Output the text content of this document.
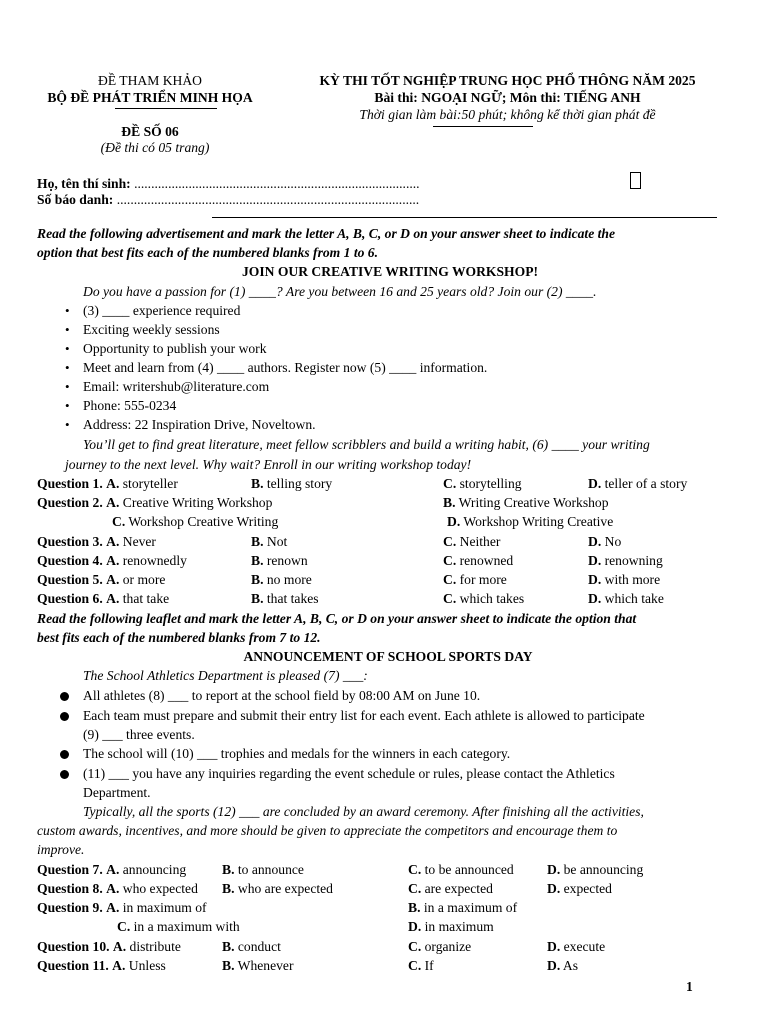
ĐỀ THAM KHẢO
BỘ ĐỀ PHÁT TRIỂN MINH HỌA
ĐỀ SỐ 06
(Đề thi có 05 trang)
KỲ THI TỐT NGHIỆP TRUNG HỌC PHỔ THÔNG NĂM 2025
Bài thi: NGOẠI NGỮ; Môn thi: TIẾNG ANH
Thời gian làm bài:50 phút; không kể thời gian phát đề
Họ, tên thí sinh: ....................................................................................
Số báo danh: .........................................................................................
Read the following advertisement and mark the letter A, B, C, or D on your answer sheet to indicate the
option that best fits each of the numbered blanks from 1 to 6.
JOIN OUR CREATIVE WRITING WORKSHOP!
Do you have a passion for (1) ____? Are you between 16 and 25 years old? Join our (2) ____.
• (3) ____ experience required
• Exciting weekly sessions
• Opportunity to publish your work
• Meet and learn from (4) ____ authors. Register now (5) ____ information.
• Email: writershub@literature.com
• Phone: 555-0234
• Address: 22 Inspiration Drive, Noveltown.
You’ll get to find great literature, meet fellow scribblers and build a writing habit, (6) ____ your writing
journey to the next level. Why wait? Enroll in our writing workshop today!
Question 1. A. storyteller	B. telling story	C. storytelling	D. teller of a story
Question 2. A. Creative Writing Workshop	B. Writing Creative Workshop
C. Workshop Creative Writing	D. Workshop Writing Creative
Question 3. A. Never	B. Not	C. Neither	D. No
Question 4. A. renownedly	B. renown	C. renowned	D. renowning
Question 5. A. or more	B. no more	C. for more	D. with more
Question 6. A. that take	B. that takes	C. which takes	D. which take
Read the following leaflet and mark the letter A, B, C, or D on your answer sheet to indicate the option that
best fits each of the numbered blanks from 7 to 12.
ANNOUNCEMENT OF SCHOOL SPORTS DAY
The School Athletics Department is pleased (7) ___:
All athletes (8) ___ to report at the school field by 08:00 AM on June 10.
Each team must prepare and submit their entry list for each event. Each athlete is allowed to participate
(9) ___ three events.
The school will (10) ___ trophies and medals for the winners in each category.
(11) ___ you have any inquiries regarding the event schedule or rules, please contact the Athletics
Department.
Typically, all the sports (12) ___ are concluded by an award ceremony. After finishing all the activities,
custom awards, incentives, and more should be given to appreciate the competitors and encourage them to
improve.
Question 7. A. announcing	B. to announce	C. to be announced D. be announcing
Question 8. A. who expected B. who are expected	C. are expected	D. expected
Question 9. A. in maximum of	B. in a maximum of
C. in a maximum with	D. in maximum
Question 10. A. distribute	B. conduct	C. organize	D. execute
Question 11. A. Unless	B. Whenever	C. If	D. As
1
